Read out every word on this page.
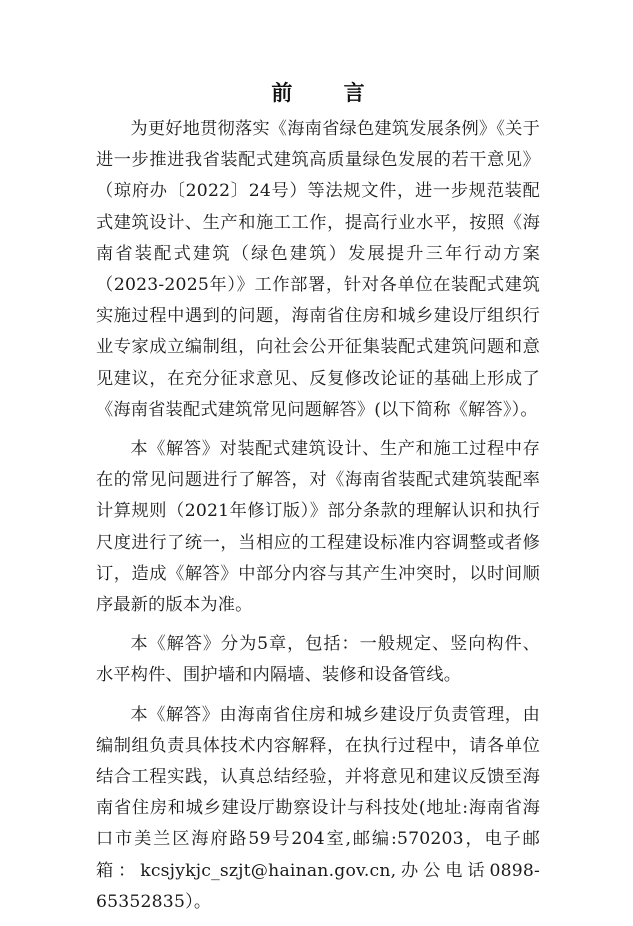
前 言

为更好地贯彻落实《海南省绿色建筑发展条例》《关于进一步推进我省装配式建筑高质量绿色发展的若干意见》（琼府办〔2022〕24号）等法规文件，进一步规范装配式建筑设计、生产和施工工作，提高行业水平，按照《海南省装配式建筑（绿色建筑）发展提升三年行动方案（2023-2025年）》工作部署，针对各单位在装配式建筑实施过程中遇到的问题，海南省住房和城乡建设厅组织行业专家成立编制组，向社会公开征集装配式建筑问题和意见建议，在充分征求意见、反复修改论证的基础上形成了《海南省装配式建筑常见问题解答》(以下简称《解答》）。

本《解答》对装配式建筑设计、生产和施工过程中存在的常见问题进行了解答，对《海南省装配式建筑装配率计算规则（2021年修订版）》部分条款的理解认识和执行尺度进行了统一，当相应的工程建设标准内容调整或者修订，造成《解答》中部分内容与其产生冲突时，以时间顺序最新的版本为准。

本《解答》分为5章，包括：一般规定、竖向构件、水平构件、围护墙和内隔墙、装修和设备管线。

本《解答》由海南省住房和城乡建设厅负责管理，由编制组负责具体技术内容解释，在执行过程中，请各单位结合工程实践，认真总结经验，并将意见和建议反馈至海南省住房和城乡建设厅勘察设计与科技处(地址:海南省海口市美兰区海府路59号204室,邮编:570203，电子邮箱：kcsjykjc_szjt@hainan.gov.cn,办公电话0898-65352835）。
